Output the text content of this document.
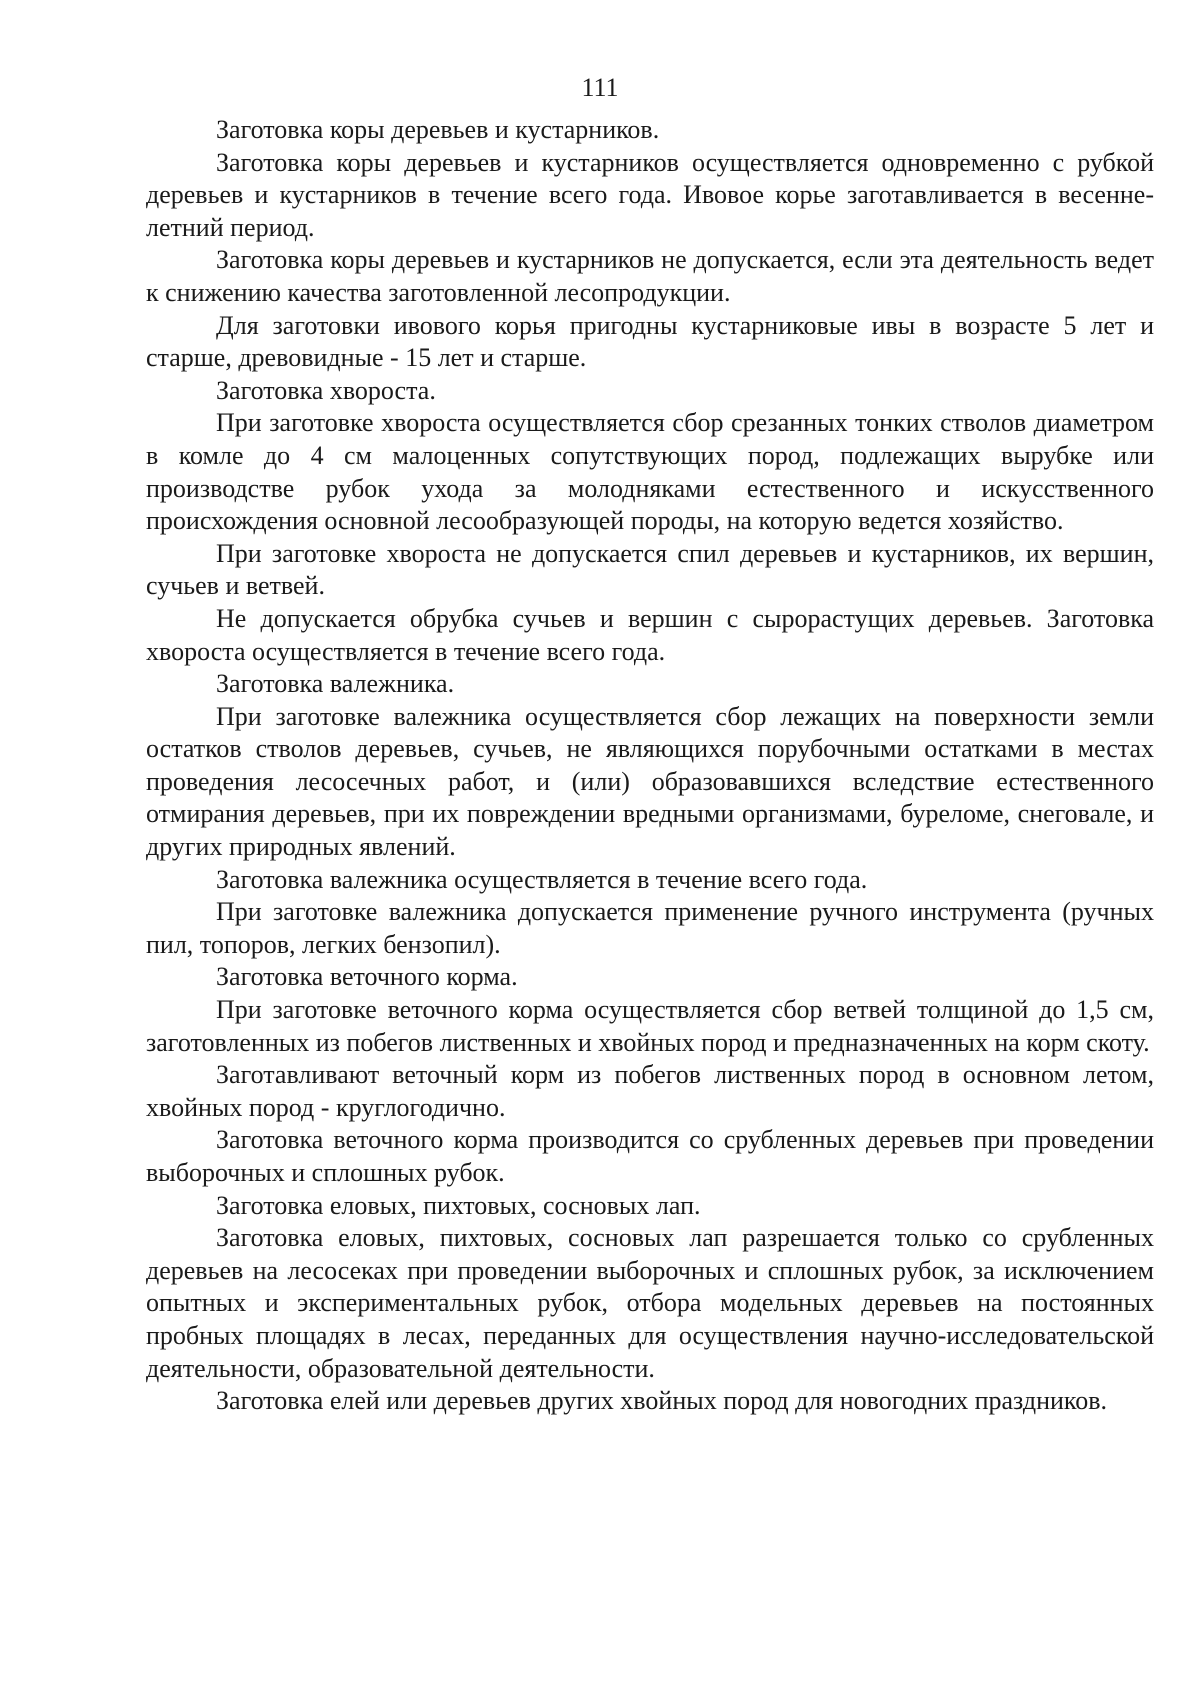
111

Заготовка коры деревьев и кустарников.

Заготовка коры деревьев и кустарников осуществляется одновременно с рубкой деревьев и кустарников в течение всего года. Ивовое корье заготавливается в весенне-летний период.

Заготовка коры деревьев и кустарников не допускается, если эта деятельность ведет к снижению качества заготовленной лесопродукции.

Для заготовки ивового корья пригодны кустарниковые ивы в возрасте 5 лет и старше, древовидные - 15 лет и старше.

Заготовка хвороста.

При заготовке хвороста осуществляется сбор срезанных тонких стволов диаметром в комле до 4 см малоценных сопутствующих пород, подлежащих вырубке или производстве рубок ухода за молодняками естественного и искусственного происхождения основной лесообразующей породы, на которую ведется хозяйство.

При заготовке хвороста не допускается спил деревьев и кустарников, их вершин, сучьев и ветвей.

Не допускается обрубка сучьев и вершин с сырорастущих деревьев. Заготовка хвороста осуществляется в течение всего года.

Заготовка валежника.

При заготовке валежника осуществляется сбор лежащих на поверхности земли остатков стволов деревьев, сучьев, не являющихся порубочными остатками в местах проведения лесосечных работ, и (или) образовавшихся вследствие естественного отмирания деревьев, при их повреждении вредными организмами, буреломе, снеговале, и других природных явлений.

Заготовка валежника осуществляется в течение всего года.

При заготовке валежника допускается применение ручного инструмента (ручных пил, топоров, легких бензопил).

Заготовка веточного корма.

При заготовке веточного корма осуществляется сбор ветвей толщиной до 1,5 см, заготовленных из побегов лиственных и хвойных пород и предназначенных на корм скоту.

Заготавливают веточный корм из побегов лиственных пород в основном летом, хвойных пород - круглогодично.

Заготовка веточного корма производится со срубленных деревьев при проведении выборочных и сплошных рубок.

Заготовка еловых, пихтовых, сосновых лап.

Заготовка еловых, пихтовых, сосновых лап разрешается только со срубленных деревьев на лесосеках при проведении выборочных и сплошных рубок, за исключением опытных и экспериментальных рубок, отбора модельных деревьев на постоянных пробных площадях в лесах, переданных для осуществления научно-исследовательской деятельности, образовательной деятельности.

Заготовка елей или деревьев других хвойных пород для новогодних праздников.
